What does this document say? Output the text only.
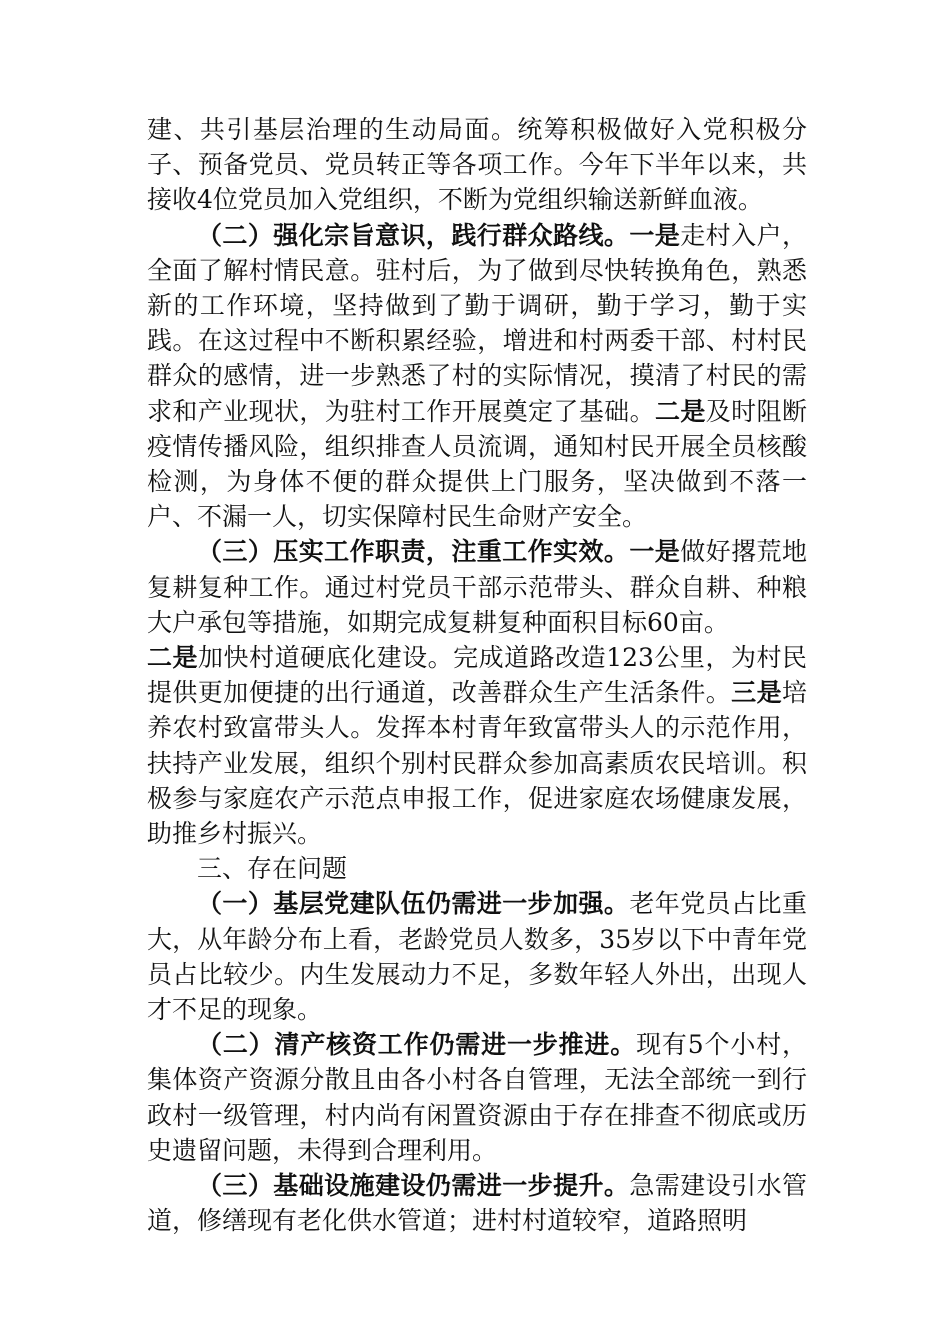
建、共引基层治理的生动局面。统筹积极做好入党积极分子、预备党员、党员转正等各项工作。今年下半年以来，共接收4位党员加入党组织，不断为党组织输送新鲜血液。

（二）强化宗旨意识，践行群众路线。一是走村入户，全面了解村情民意。驻村后，为了做到尽快转换角色，熟悉新的工作环境，坚持做到了勤于调研，勤于学习，勤于实践。在这过程中不断积累经验，增进和村两委干部、村村民群众的感情，进一步熟悉了村的实际情况，摸清了村民的需求和产业现状，为驻村工作开展奠定了基础。二是及时阻断疫情传播风险，组织排查人员流调，通知村民开展全员核酸检测，为身体不便的群众提供上门服务，坚决做到不落一户、不漏一人，切实保障村民生命财产安全。

（三）压实工作职责，注重工作实效。一是做好撂荒地复耕复种工作。通过村党员干部示范带头、群众自耕、种粮大户承包等措施，如期完成复耕复种面积目标60亩。
二是加快村道硬底化建设。完成道路改造123公里，为村民提供更加便捷的出行通道，改善群众生产生活条件。三是培养农村致富带头人。发挥本村青年致富带头人的示范作用，扶持产业发展，组织个别村民群众参加高素质农民培训。积极参与家庭农产示范点申报工作，促进家庭农场健康发展，助推乡村振兴。

三、存在问题

（一）基层党建队伍仍需进一步加强。老年党员占比重大，从年龄分布上看，老龄党员人数多，35岁以下中青年党员占比较少。内生发展动力不足，多数年轻人外出，出现人才不足的现象。

（二）清产核资工作仍需进一步推进。现有5个小村，集体资产资源分散且由各小村各自管理，无法全部统一到行政村一级管理，村内尚有闲置资源由于存在排查不彻底或历史遗留问题，未得到合理利用。

（三）基础设施建设仍需进一步提升。急需建设引水管道，修缮现有老化供水管道；进村村道较窄，道路照明
